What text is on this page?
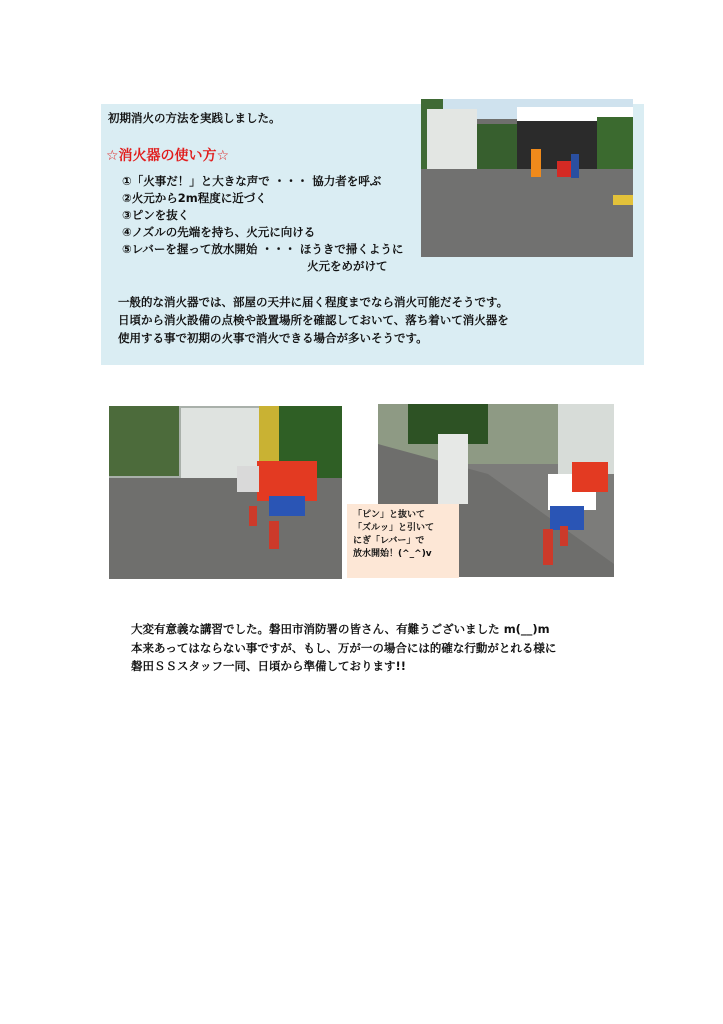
初期消火の方法を実践しました。
☆消火器の使い方☆
①「火事だ！」と大きな声で ・・・ 協力者を呼ぶ
②火元から2m程度に近づく
③ピンを抜く
④ノズルの先端を持ち、火元に向ける
⑤レバーを握って放水開始 ・・・ ほうきで掃くように
火元をめがけて
一般的な消火器では、部屋の天井に届く程度までなら消火可能だそうです。
日頃から消火設備の点検や設置場所を確認しておいて、落ち着いて消火器を
使用する事で初期の火事で消火できる場合が多いそうです。
「ピン」と抜いて
「ズルッ」と引いて
にぎ「レバー」で
放水開始！(^_^)v
大変有意義な講習でした。磐田市消防署の皆さん、有難うございました m(__)m
本来あってはならない事ですが、もし、万が一の場合には的確な行動がとれる様に
磐田ＳＳスタッフ一同、日頃から準備しております!!
